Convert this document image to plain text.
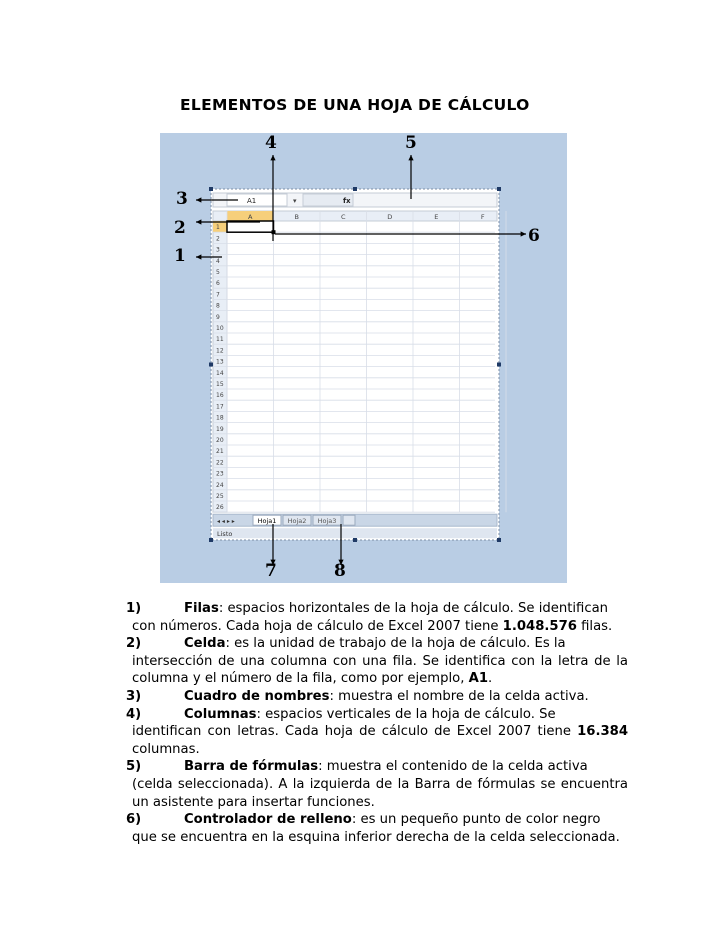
ELEMENTOS DE UNA HOJA DE CÁLCULO
A1	▾	fx
A	B	C	D	E	F
1
2
3
4
5
6
7
8
9
10
11
12
13
14
15
16
17
18
19
20
21
22
23
24
25
26
◂ ◂ ▸ ▸	Hoja1 Hoja2 Hoja3
Listo
4	5
3
2
1
6
7	8
1)	Filas: espacios horizontales de la hoja de cálculo. Se identifican
con números. Cada hoja de cálculo de Excel 2007 tiene 1.048.576 filas.
2)	Celda: es la unidad de trabajo de la hoja de cálculo. Es la
intersección de una columna con una fila. Se identifica con la letra de la columna y el número de la fila, como por ejemplo, A1.
3)	Cuadro de nombres: muestra el nombre de la celda activa.
4)	Columnas: espacios verticales de la hoja de cálculo. Se
identifican con letras. Cada hoja de cálculo de Excel 2007 tiene 16.384 columnas.
5)	Barra de fórmulas: muestra el contenido de la celda activa
(celda seleccionada). A la izquierda de la Barra de fórmulas se encuentra un asistente para insertar funciones.
6)	Controlador de relleno: es un pequeño punto de color negro
que se encuentra en la esquina inferior derecha de la celda seleccionada.
